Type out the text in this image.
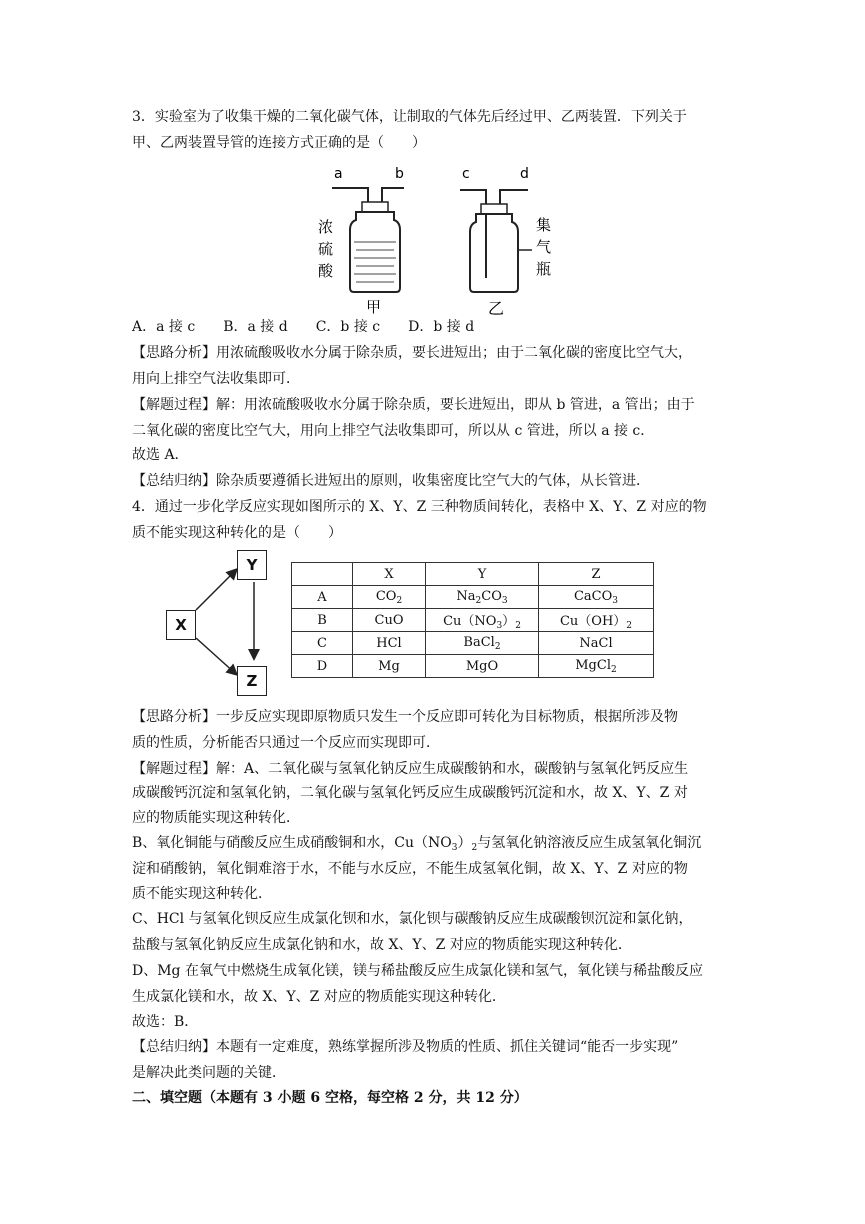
3．实验室为了收集干燥的二氧化碳气体，让制取的气体先后经过甲、乙两装置．下列关于
甲、乙两装置导管的连接方式正确的是（　　）
a	b
浓
硫
酸
甲
c	d
集
气
瓶
乙
A．a 接 c　　B．a 接 d　　C．b 接 c　　D．b 接 d
【思路分析】用浓硫酸吸收水分属于除杂质，要长进短出；由于二氧化碳的密度比空气大，
用向上排空气法收集即可．
【解题过程】解：用浓硫酸吸收水分属于除杂质，要长进短出，即从 b 管进，a 管出；由于
二氧化碳的密度比空气大，用向上排空气法收集即可，所以从 c 管进，所以 a 接 c．
故选 A．
【总结归纳】除杂质要遵循长进短出的原则，收集密度比空气大的气体，从长管进．
4．通过一步化学反应实现如图所示的 X、Y、Z 三种物质间转化，表格中 X、Y、Z 对应的物
质不能实现这种转化的是（　　）
Y
X
Z
	X	Y	Z
A	$CO_2$	$Na_2CO_3$	CaCO$_3$
B	CuO	$Cu(NO_3)_2$	$Cu(OH)_2$
C	HCl	BaCl$_2$	NaCl
D	Mg	MgO	MgCl$_2$
【思路分析】一步反应实现即原物质只发生一个反应即可转化为目标物质，根据所涉及物
质的性质，分析能否只通过一个反应而实现即可．
【解题过程】解：A、二氧化碳与氢氧化钠反应生成碳酸钠和水，碳酸钠与氢氧化钙反应生
成碳酸钙沉淀和氢氧化钠，二氧化碳与氢氧化钙反应生成碳酸钙沉淀和水，故 X、Y、Z 对
应的物质能实现这种转化．
B、氧化铜能与硝酸反应生成硝酸铜和水，$Cu(NO_3)_2$与氢氧化钠溶液反应生成氢氧化铜沉
淀和硝酸钠，氧化铜难溶于水，不能与水反应，不能生成氢氧化铜，故 X、Y、Z 对应的物
质不能实现这种转化．
C、HCl 与氢氧化钡反应生成氯化钡和水，氯化钡与碳酸钠反应生成碳酸钡沉淀和氯化钠，
盐酸与氢氧化钠反应生成氯化钠和水，故 X、Y、Z 对应的物质能实现这种转化．
D、Mg 在氧气中燃烧生成氧化镁，镁与稀盐酸反应生成氯化镁和氢气，氧化镁与稀盐酸反应
生成氯化镁和水，故 X、Y、Z 对应的物质能实现这种转化．
故选：B．
【总结归纳】本题有一定难度，熟练掌握所涉及物质的性质、抓住关键词“能否一步实现”
是解决此类问题的关键．
二、填空题（本题有 3 小题 6 空格，每空格 2 分，共 12 分）
